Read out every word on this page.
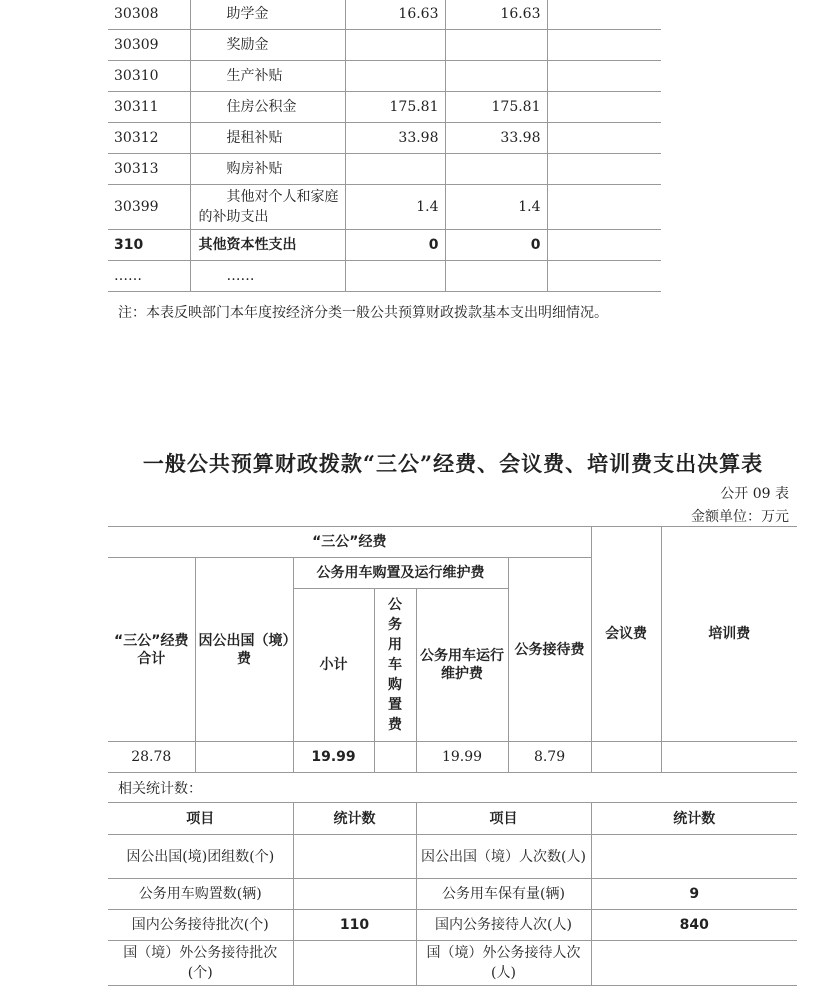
30308	助学金	16.63	16.63	
30309	奖励金			
30310	生产补贴			
30311	住房公积金	175.81	175.81	
30312	提租补贴	33.98	33.98	
30313	购房补贴			
30399	其他对个人和家庭的补助支出	1.4	1.4	
310	其他资本性支出	0	0	
……	……			
注：本表反映部门本年度按经济分类一般公共预算财政拨款基本支出明细情况。
一般公共预算财政拨款“三公”经费、会议费、培训费支出决算表
公开 09 表
金额单位：万元
“三公”经费						会议费	培训费
“三公”经费合计	因公出国（境）费	公务用车购置及运行维护费			公务接待费		
		小计	公务用车购置费	公务用车运行维护费			
28.78		19.99		19.99	8.79		
相关统计数：
项目	统计数	项目	统计数
因公出国(境)团组数(个)		因公出国（境）人次数(人)	
公务用车购置数(辆)		公务用车保有量(辆)	9
国内公务接待批次(个)	110	国内公务接待人次(人)	840
国（境）外公务接待批次(个)		国（境）外公务接待人次(人)	
